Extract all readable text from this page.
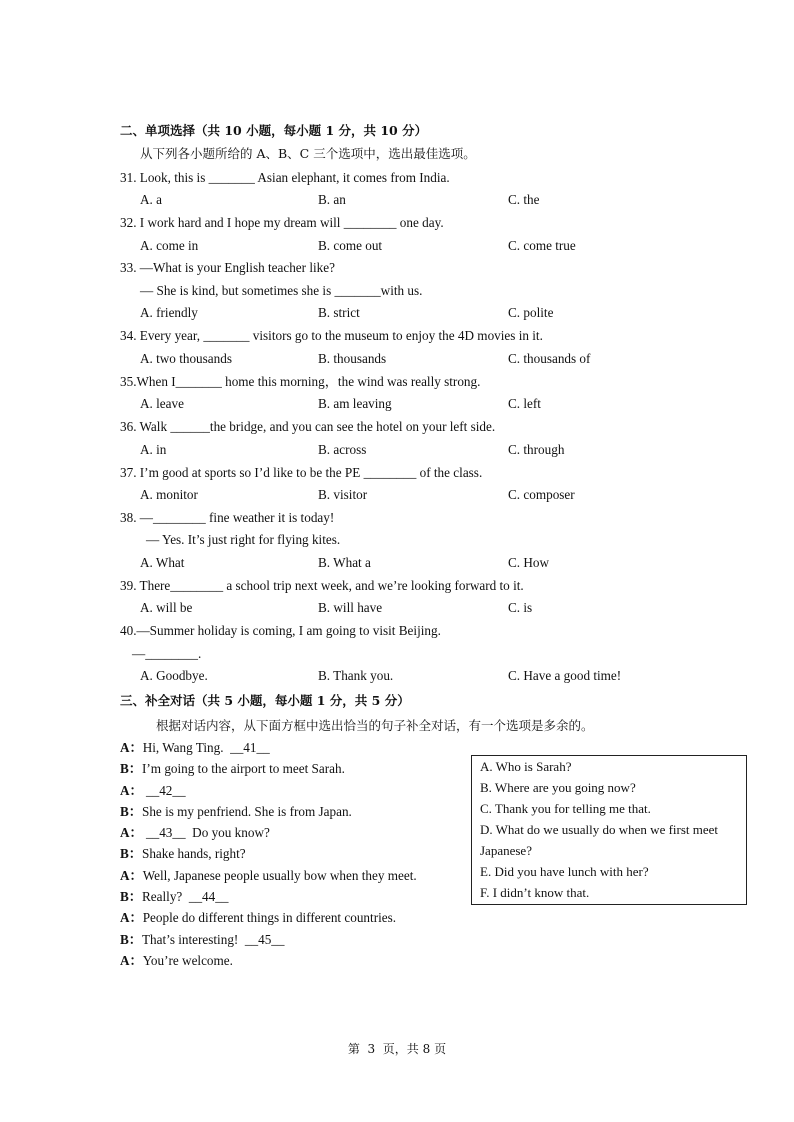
二、单项选择（共 10 小题，每小题 1 分，共 10 分）
从下列各小题所给的 A、B、C 三个选项中，选出最佳选项。
31. Look, this is _______ Asian elephant, it comes from India.
A. a	B. an	C. the
32. I work hard and I hope my dream will ________ one day.
A. come in	B. come out	C. come true
33. —What is your English teacher like?
— She is kind, but sometimes she is _______with us.
A. friendly	B. strict	C. polite
34. Every year, _______ visitors go to the museum to enjoy the 4D movies in it.
A. two thousands	B. thousands	C. thousands of
35.When I_______ home this morning，the wind was really strong.
A. leave	B. am leaving	C. left
36. Walk ______the bridge, and you can see the hotel on your left side.
A. in	B. across	C. through
37. I’m good at sports so I’d like to be the PE ________ of the class.
A. monitor	B. visitor	C. composer
38. —________ fine weather it is today!
— Yes. It’s just right for flying kites.
A. What	B. What a	C. How
39. There________ a school trip next week, and we’re looking forward to it.
A. will be	B. will have	C. is
40.—Summer holiday is coming, I am going to visit Beijing.
—________.
A. Goodbye.	B. Thank you.	C. Have a good time!
三、补全对话（共 5 小题，每小题 1 分，共 5 分）
根据对话内容，从下面方框中选出恰当的句子补全对话，有一个选项是多余的。
A：Hi, Wang Ting.  __41__
B：I’m going to the airport to meet Sarah.
A： __42__
B：She is my penfriend. She is from Japan.
A： __43__  Do you know?
B：Shake hands, right?
A：Well, Japanese people usually bow when they meet.
B：Really?  __44__
A：People do different things in different countries.
B：That’s interesting!  __45__
A：You’re welcome.
A. Who is Sarah?
B. Where are you going now?
C. Thank you for telling me that.
D. What do we usually do when we first meet
Japanese?
E. Did you have lunch with her?
F. I didn’t know that.
第  3  页，共 8 页
